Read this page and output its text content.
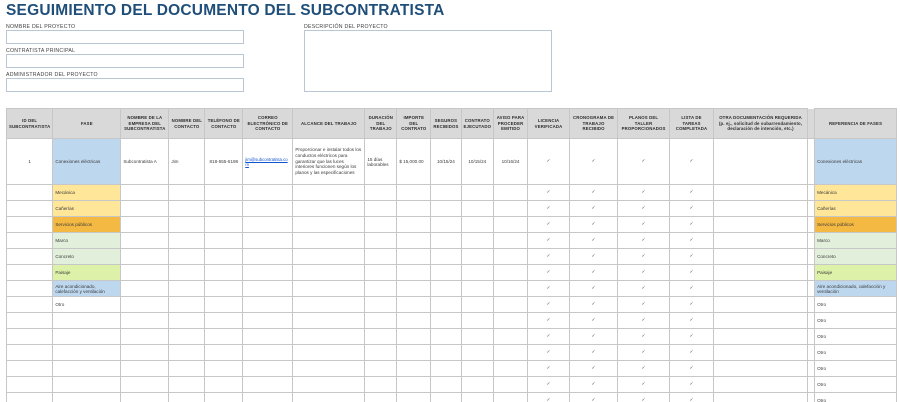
SEGUIMIENTO DEL DOCUMENTO DEL SUBCONTRATISTA
NOMBRE DEL PROYECTO
CONTRATISTA PRINCIPAL
ADMINISTRADOR DEL PROYECTO
DESCRIPCIÓN DEL PROYECTO
ID DEL SUBCONTRATISTA	FASE	NOMBRE DE LA EMPRESA DEL SUBCONTRATISTA	NOMBRE DEL CONTACTO	TELÉFONO DE CONTACTO	CORREO ELECTRÓNICO DE CONTACTO	ALCANCE DEL TRABAJO	DURACIÓN DEL TRABAJO	IMPORTE DEL CONTRATO	SEGUROS RECIBIDOS	CONTRATO EJECUTADO	AVISO PARA PROCEDER EMITIDO	LICENCIA VERIFICADA	CRONOGRAMA DE TRABAJO RECIBIDO	PLANOS DEL TALLER PROPORCIONADOS	LISTA DE TAREAS COMPLETADA	OTRA DOCUMENTACIÓN REQUERIDA (p. ej., solicitud de subarrendamiento, declaración de intención, etc.)		REFERENCIA DE FASES
1	Conexiones eléctricas	Subcontratista A	Jim	818-555-5198	jim@subcontratista.com	Proporcionar e instalar todos los conductos eléctricos para garantizar que las luces interiores funcionen según los planos y las especificaciones	15 días laborables	$ 15,000.00	10/15/24	10/15/24	10/16/24	✓	✓	✓	✓			Conexiones eléctricas
	Mecánica											✓	✓	✓	✓			Mecánica
	Cañerías											✓	✓	✓	✓			Cañerías
	Servicios públicos											✓	✓	✓	✓			Servicios públicos
	Marco											✓	✓	✓	✓			Marco
	Concreto											✓	✓	✓	✓			Concreto
	Paisaje											✓	✓	✓	✓			Paisaje
	Aire acondicionado, calefacción y ventilación											✓	✓	✓	✓			Aire acondicionado, calefacción y ventilación
	Otro											✓	✓	✓	✓			Otro
												✓	✓	✓	✓			Otro
												✓	✓	✓	✓			Otro
												✓	✓	✓	✓			Otro
												✓	✓	✓	✓			Otro
												✓	✓	✓	✓			Otro
												✓	✓	✓	✓			Otro
